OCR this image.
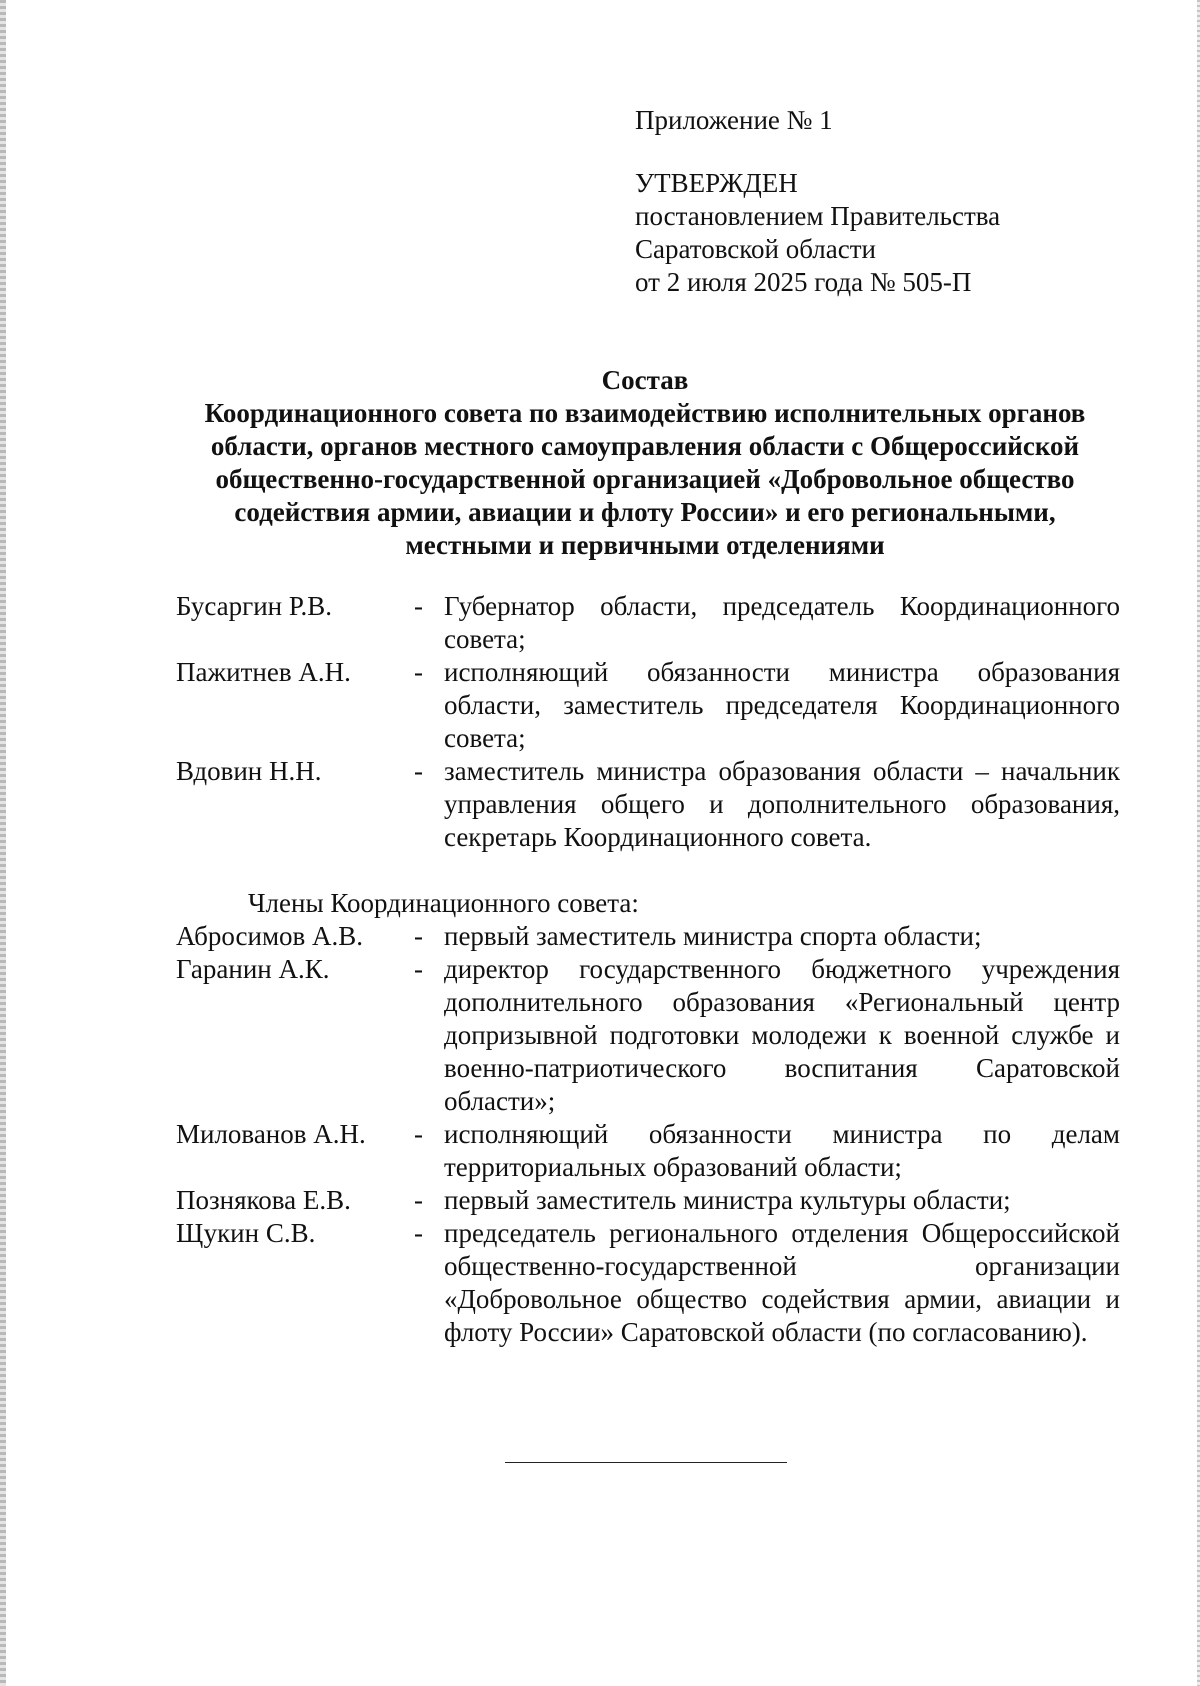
Приложение № 1
УТВЕРЖДЕН
постановлением Правительства
Саратовской области
от 2 июля 2025 года № 505-П
Состав
Координационного совета по взаимодействию исполнительных органов
области, органов местного самоуправления области с Общероссийской
общественно-государственной организацией «Добровольное общество
содействия армии, авиации и флоту России» и его региональными,
местными и первичными отделениями
Бусаргин Р.В.	- Губернатор области, председатель Координационного совета;
Пажитнев А.Н.	- исполняющий обязанности министра образования области, заместитель председателя Координационного совета;
Вдовин Н.Н.	- заместитель министра образования области – начальник управления общего и дополнительного образования, секретарь Координационного совета.
Члены Координационного совета:
Абросимов А.В.	- первый заместитель министра спорта области;
Гаранин А.К.	- директор государственного бюджетного учреждения дополнительного образования «Региональный центр допризывной подготовки молодежи к военной службе и военно-патриотического воспитания Саратовской области»;
Милованов А.Н.	- исполняющий обязанности министра по делам территориальных образований области;
Познякова Е.В.	- первый заместитель министра культуры области;
Щукин С.В.	- председатель регионального отделения Общероссийской общественно-государственной организации «Добровольное общество содействия армии, авиации и флоту России» Саратовской области (по согласованию).
